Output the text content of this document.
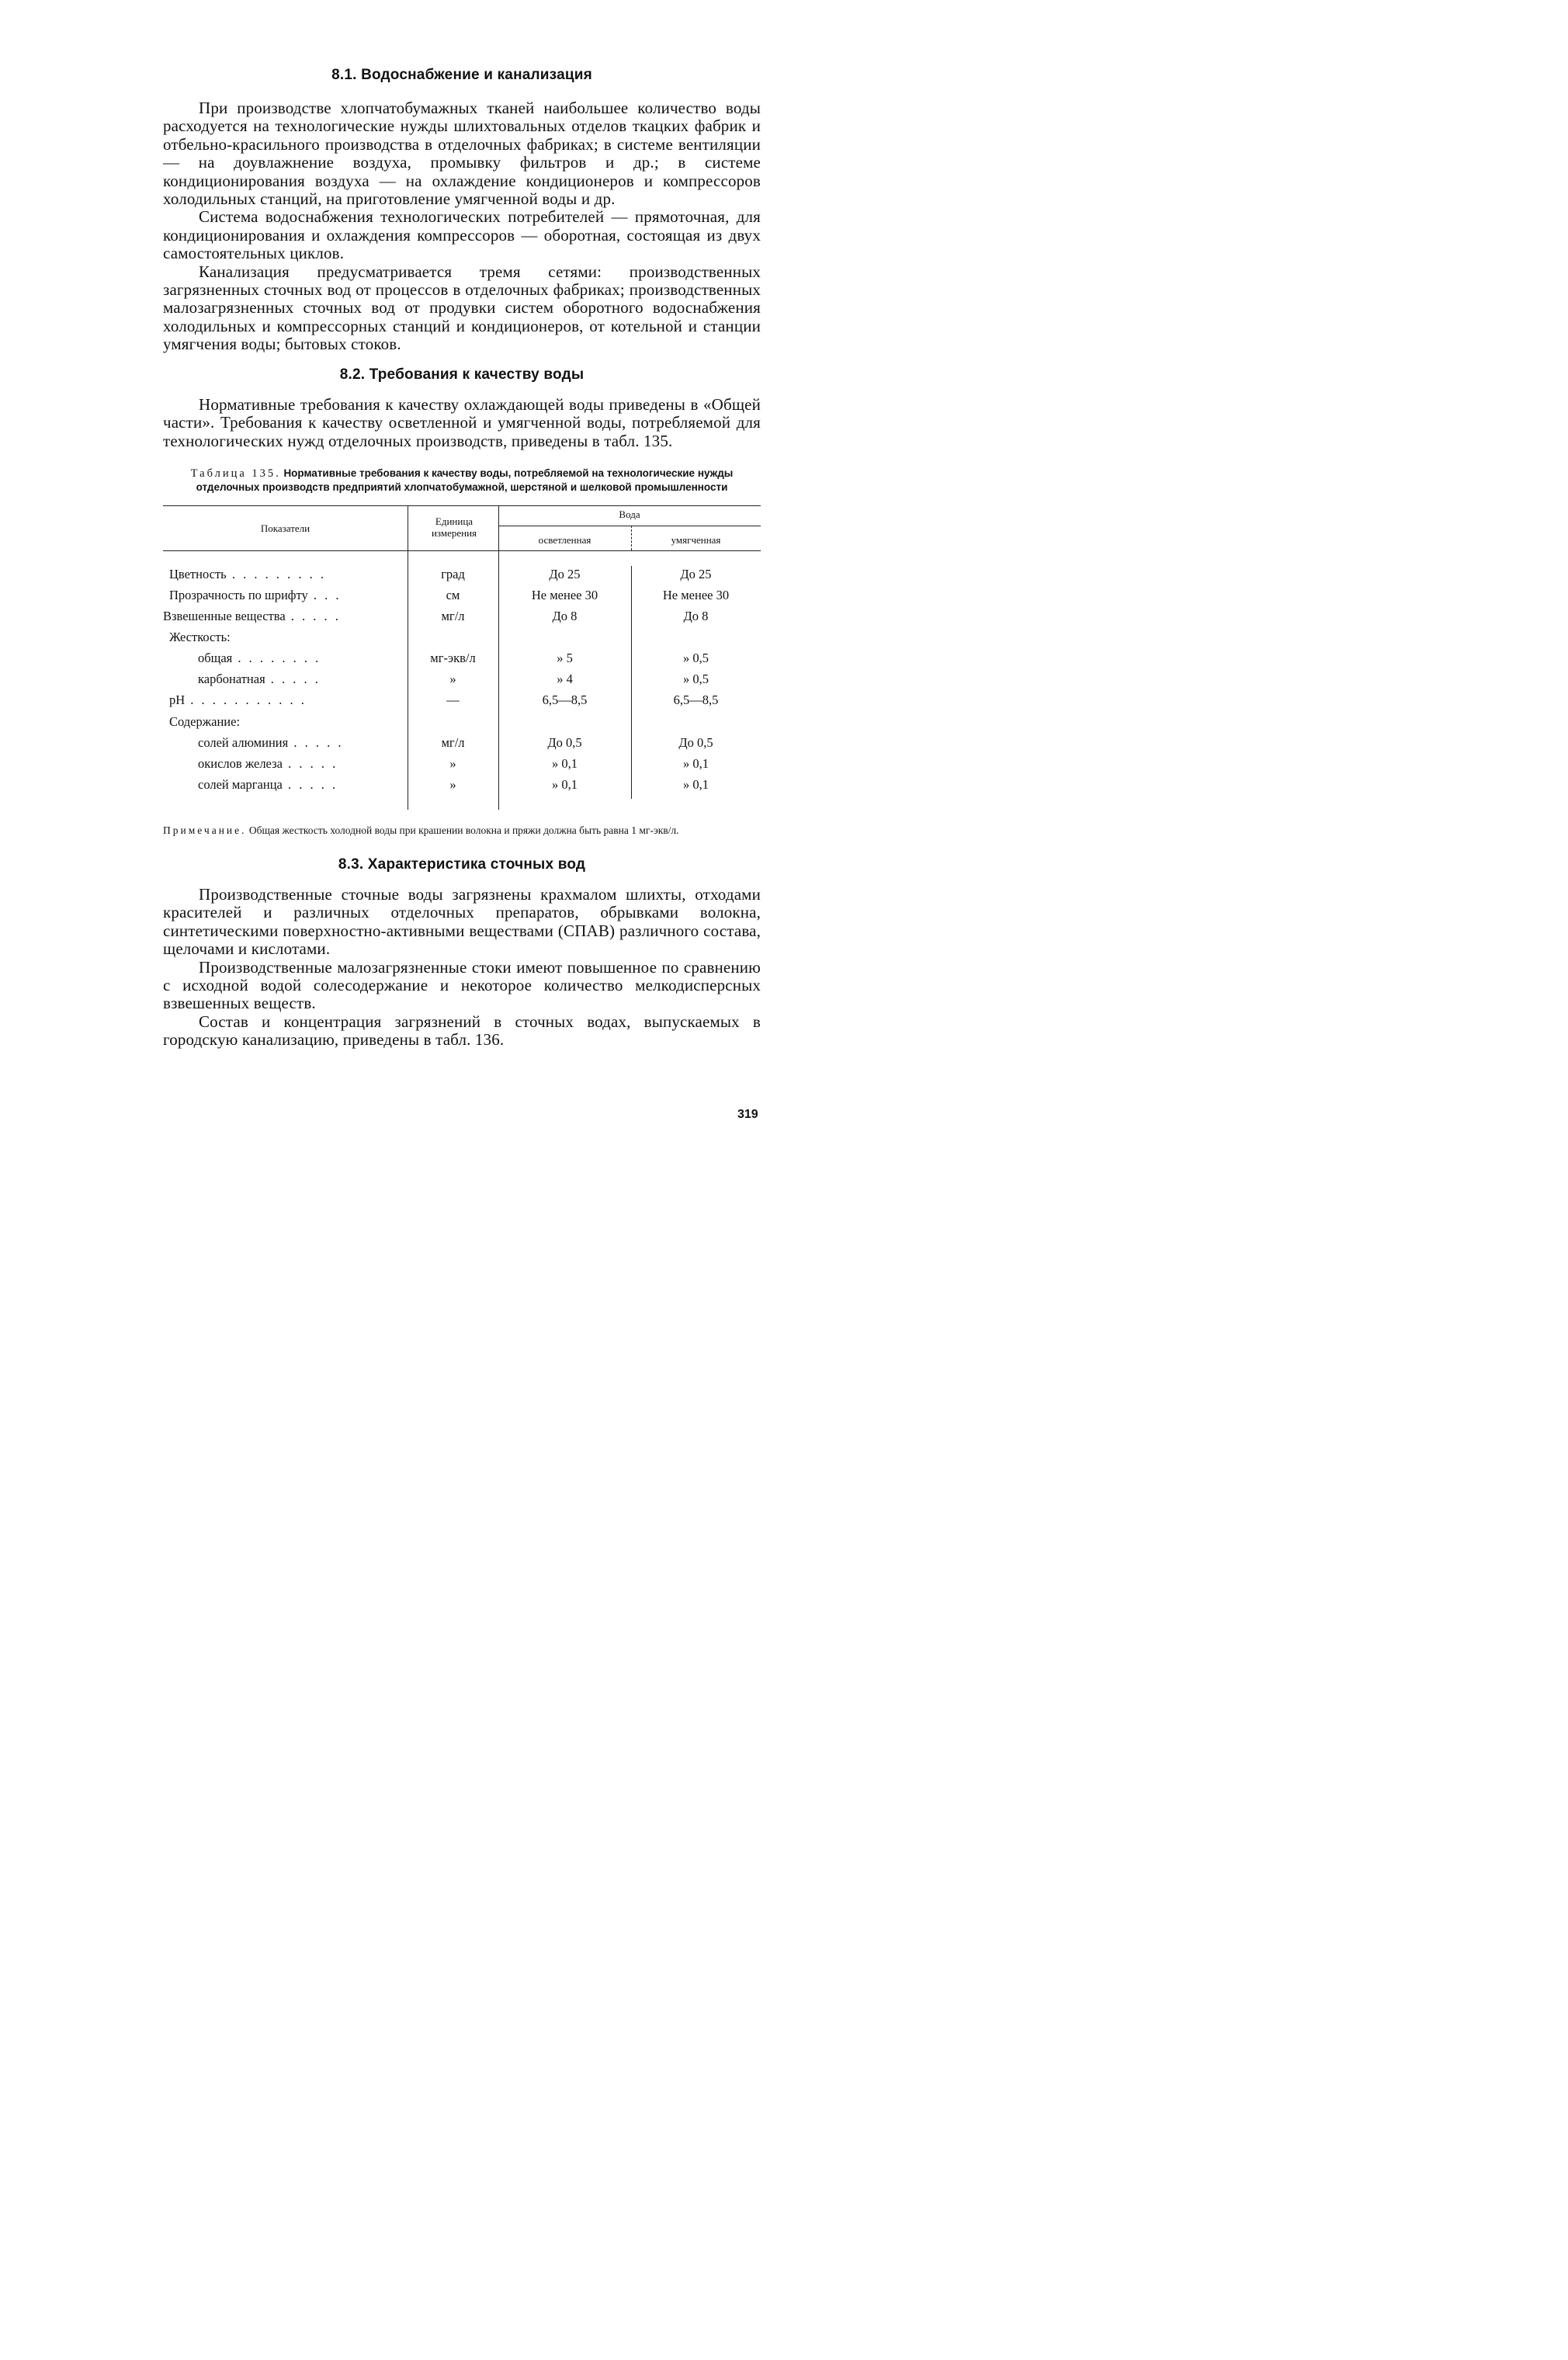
8.1. Водоснабжение и канализация

При производстве хлопчатобумажных тканей наибольшее количество воды расходуется на технологические нужды шлихтовальных отделов ткацких фабрик и отбельно-красильного производства в отделочных фабриках; в системе вентиляции — на доувлажнение воздуха, промывку фильтров и др.; в системе кондиционирования воздуха — на охлаждение кондиционеров и компрессоров холодильных станций, на приготовление умягченной воды и др.

Система водоснабжения технологических потребителей — прямоточная, для кондиционирования и охлаждения компрессоров — оборотная, состоящая из двух самостоятельных циклов.

Канализация предусматривается тремя сетями: производственных загрязненных сточных вод от процессов в отделочных фабриках; производственных малозагрязненных сточных вод от продувки систем оборотного водоснабжения холодильных и компрессорных станций и кондиционеров, от котельной и станции умягчения воды; бытовых стоков.

8.2. Требования к качеству воды

Нормативные требования к качеству охлаждающей воды приведены в «Общей части». Требования к качеству осветленной и умягченной воды, потребляемой для технологических нужд отделочных производств, приведены в табл. 135.

Таблица 135. Нормативные требования к качеству воды, потребляемой на технологические нужды отделочных производств предприятий хлопчатобумажной, шерстяной и шелковой промышленности

Показатели
Единица измерения
Вода
осветленная	умягченная
Цветность . . . . . . . . .	град	До 25	До 25
Прозрачность по шрифту . . .	см	Не менее 30	Не менее 30
Взвешенные вещества . . . . .	мг/л	До 8	До 8
Жесткость:
общая . . . . . . . .	мг-экв/л	» 5	» 0,5
карбонатная . . . . .	»	» 4	» 0,5
pH . . . . . . . . . . .	—	6,5—8,5	6,5—8,5
Содержание:
солей алюминия . . . . .	мг/л	До 0,5	До 0,5
окислов железа . . . . .	»	» 0,1	» 0,1
солей марганца . . . . .	»	» 0,1	» 0,1

Примечание. Общая жесткость холодной воды при крашении волокна и пряжи должна быть равна 1 мг-экв/л.

8.3. Характеристика сточных вод

Производственные сточные воды загрязнены крахмалом шлихты, отходами красителей и различных отделочных препаратов, обрывками волокна, синтетическими поверхностно-активными веществами (СПАВ) различного состава, щелочами и кислотами.

Производственные малозагрязненные стоки имеют повышенное по сравнению с исходной водой солесодержание и некоторое количество мелкодисперсных взвешенных веществ.

Состав и концентрация загрязнений в сточных водах, выпускаемых в городскую канализацию, приведены в табл. 136.

319
